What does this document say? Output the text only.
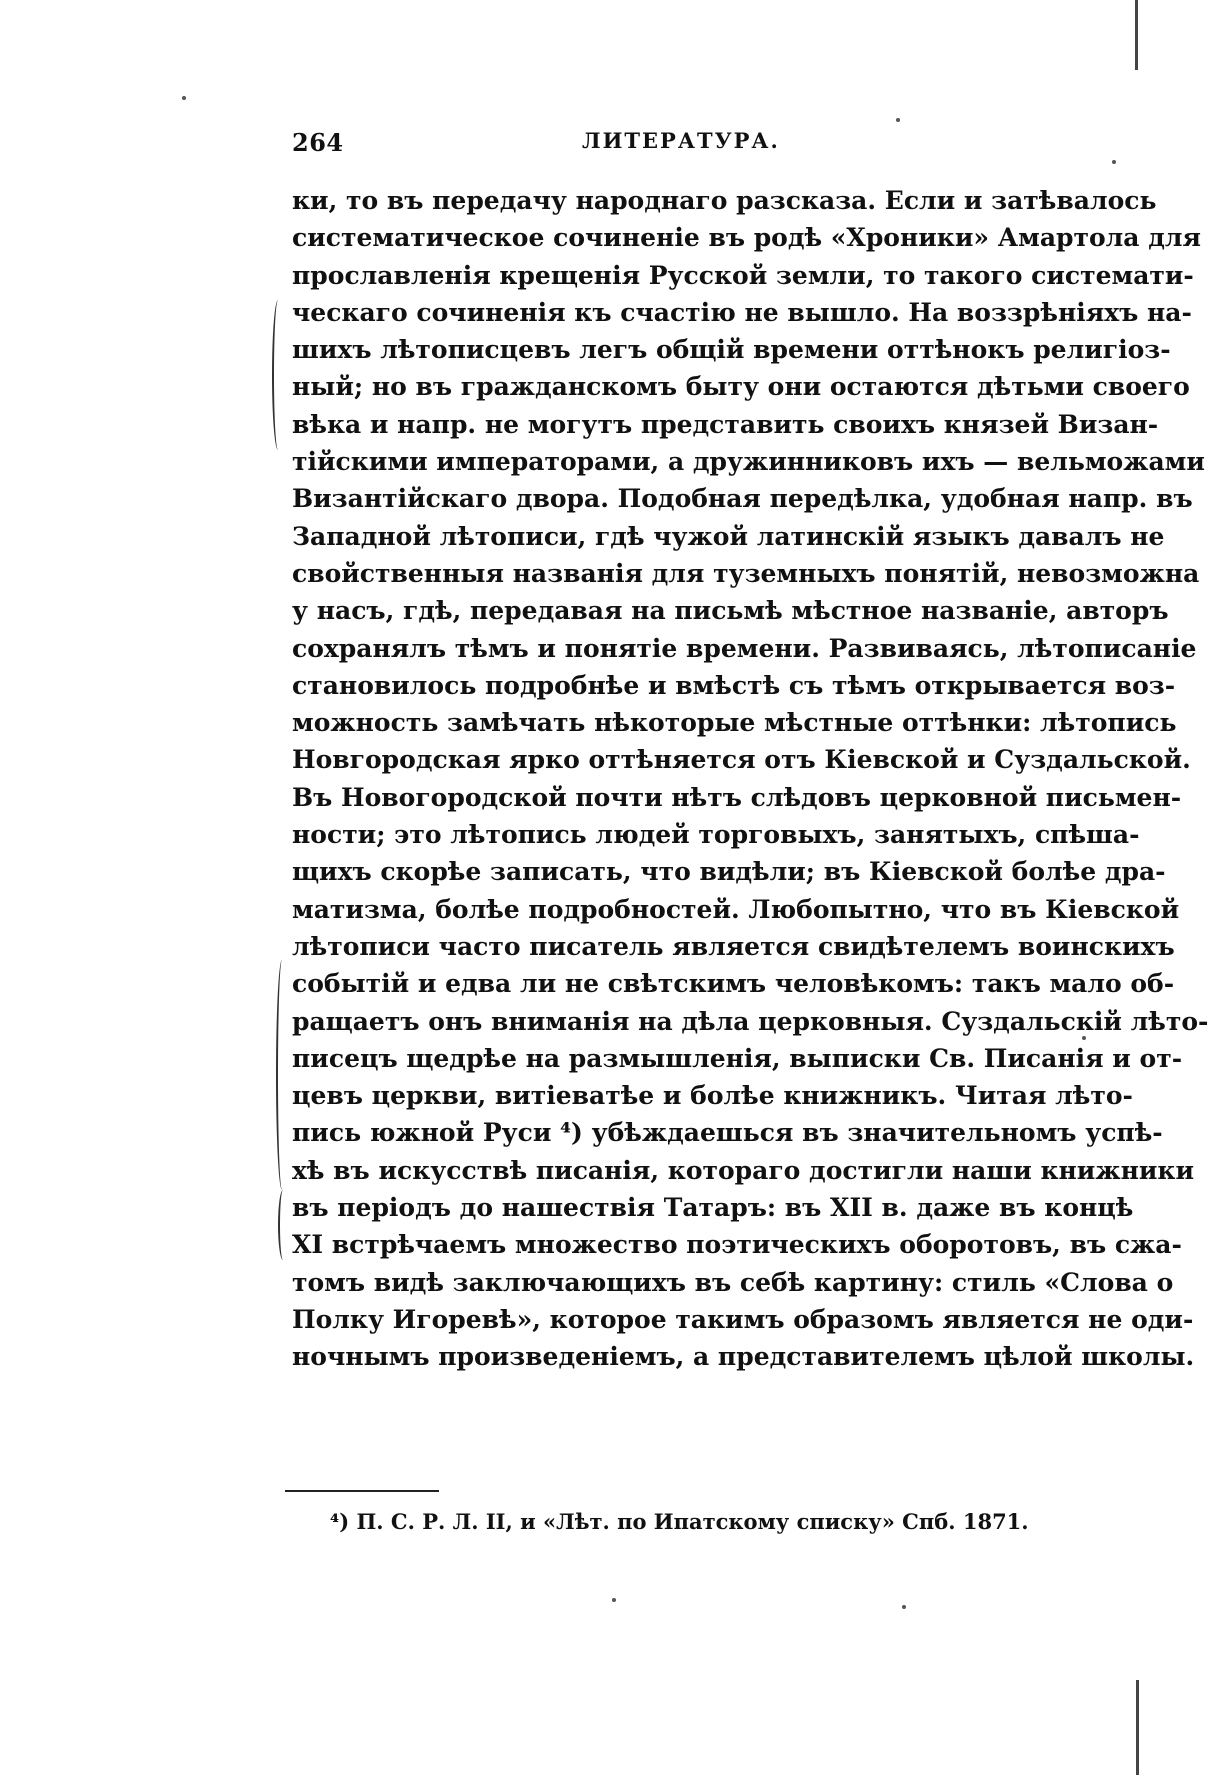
264	ЛИТЕРАТУРА.
ки, то въ передачу народнаго разсказа. Если и затѣвалось
систематическое сочиненіе въ родѣ «Хроники» Амартола для
прославленія крещенія Русской земли, то такого системати-
ческаго сочиненія къ счастію не вышло. На воззрѣніяхъ на-
шихъ лѣтописцевъ легъ общій времени оттѣнокъ религіоз-
ный; но въ гражданскомъ быту они остаются дѣтьми своего
вѣка и напр. не могутъ представить своихъ князей Визан-
тійскими императорами, а дружинниковъ ихъ — вельможами
Византійскаго двора. Подобная передѣлка, удобная напр. въ
Западной лѣтописи, гдѣ чужой латинскій языкъ давалъ не
свойственныя названія для туземныхъ понятій, невозможна
у насъ, гдѣ, передавая на письмѣ мѣстное названіе, авторъ
сохранялъ тѣмъ и понятіе времени. Развиваясь, лѣтописаніе
становилось подробнѣе и вмѣстѣ съ тѣмъ открывается воз-
можность замѣчать нѣкоторые мѣстные оттѣнки: лѣтопись
Новгородская ярко оттѣняется отъ Кіевской и Суздальской.
Въ Новогородской почти нѣтъ слѣдовъ церковной письмен-
ности; это лѣтопись людей торговыхъ, занятыхъ, спѣша-
щихъ скорѣе записать, что видѣли; въ Кіевской болѣе дра-
матизма, болѣе подробностей. Любопытно, что въ Кіевской
лѣтописи часто писатель является свидѣтелемъ воинскихъ
событій и едва ли не свѣтскимъ человѣкомъ: такъ мало об-
ращаетъ онъ вниманія на дѣла церковныя. Суздальскій лѣто-
писецъ щедрѣе на размышленія, выписки Св. Писанія и от-
цевъ церкви, витіеватѣе и болѣе книжникъ. Читая лѣто-
пись южной Руси ⁴) убѣждаешься въ значительномъ успѣ-
хѣ въ искусствѣ писанія, котораго достигли наши книжники
въ періодъ до нашествія Татаръ: въ XII в. даже въ концѣ
XI встрѣчаемъ множество поэтическихъ оборотовъ, въ сжа-
томъ видѣ заключающихъ въ себѣ картину: стиль «Слова о
Полку Игоревѣ», которое такимъ образомъ является не оди-
ночнымъ произведеніемъ, а представителемъ цѣлой школы.
⁴) П. С. Р. Л. II, и «Лѣт. по Ипатскому списку» Спб. 1871.
